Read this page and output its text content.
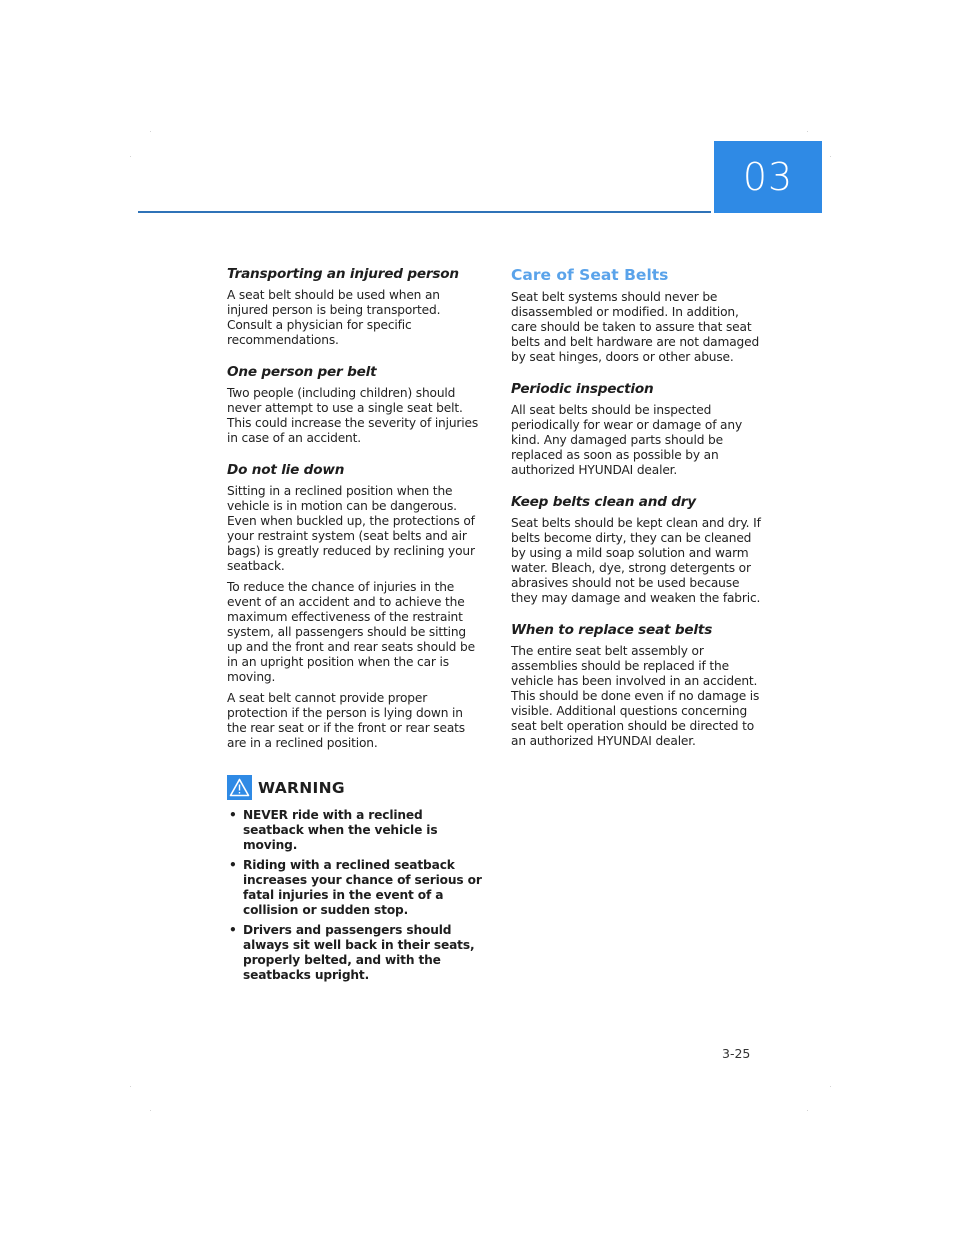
03
Transporting an injured person

A seat belt should be used when an injured person is being transported. Consult a physician for specific recommendations.

One person per belt

Two people (including children) should never attempt to use a single seat belt. This could increase the severity of injuries in case of an accident.

Do not lie down

Sitting in a reclined position when the vehicle is in motion can be dangerous. Even when buckled up, the protections of your restraint system (seat belts and air bags) is greatly reduced by reclining your seatback.

To reduce the chance of injuries in the event of an accident and to achieve the maximum effectiveness of the restraint system, all passengers should be sitting up and the front and rear seats should be in an upright position when the car is moving.

A seat belt cannot provide proper protection if the person is lying down in the rear seat or if the front or rear seats are in a reclined position.

WARNING
• NEVER ride with a reclined seatback when the vehicle is moving.
• Riding with a reclined seatback increases your chance of serious or fatal injuries in the event of a collision or sudden stop.
• Drivers and passengers should always sit well back in their seats, properly belted, and with the seatbacks upright.
Care of Seat Belts

Seat belt systems should never be disassembled or modified. In addition, care should be taken to assure that seat belts and belt hardware are not damaged by seat hinges, doors or other abuse.

Periodic inspection

All seat belts should be inspected periodically for wear or damage of any kind. Any damaged parts should be replaced as soon as possible by an authorized HYUNDAI dealer.

Keep belts clean and dry

Seat belts should be kept clean and dry. If belts become dirty, they can be cleaned by using a mild soap solution and warm water. Bleach, dye, strong detergents or abrasives should not be used because they may damage and weaken the fabric.

When to replace seat belts

The entire seat belt assembly or assemblies should be replaced if the vehicle has been involved in an accident. This should be done even if no damage is visible. Additional questions concerning seat belt operation should be directed to an authorized HYUNDAI dealer.

3-25
